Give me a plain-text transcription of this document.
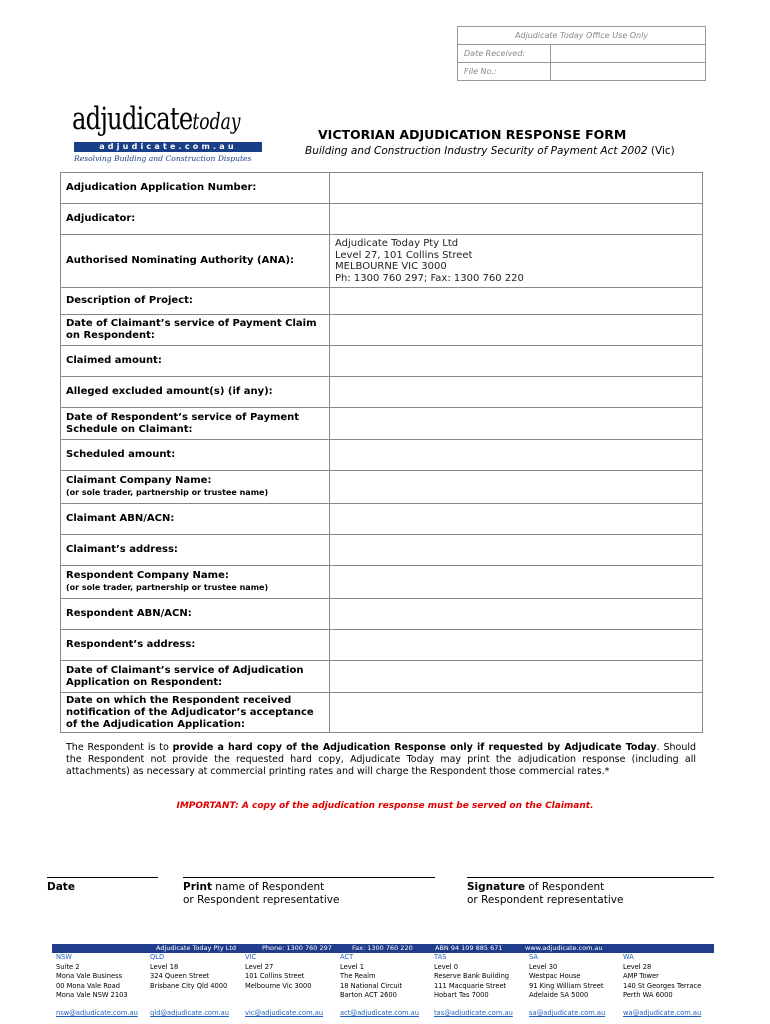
Adjudicate Today Office Use Only	
Date Received:	
File No.:	
adjudicatetoday
adjudicate.com.au
Resolving Building and Construction Disputes
VICTORIAN ADJUDICATION RESPONSE FORM
Building and Construction Industry Security of Payment Act 2002 (Vic)
Adjudication Application Number:	
Adjudicator:	
Authorised Nominating Authority (ANA):	Adjudicate Today Pty Ltd
Level 27, 101 Collins Street
MELBOURNE VIC 3000
Ph: 1300 760 297; Fax: 1300 760 220

Description of Project:	
Date of Claimant’s service of Payment Claim on Respondent:	
Claimed amount:	
Alleged excluded amount(s) (if any):	
Date of Respondent’s service of Payment Schedule on Claimant:	
Scheduled amount:	

Claimant Company Name:
(or sole trader, partnership or trustee name)	

Claimant ABN/ACN:	
Claimant’s address:	

Respondent Company Name:
(or sole trader, partnership or trustee name)	

Respondent ABN/ACN:	
Respondent’s address:	
Date of Claimant’s service of Adjudication Application on Respondent:	
Date on which the Respondent received notification of the Adjudicator’s acceptance of the Adjudication Application:	
The Respondent is to provide a hard copy of the Adjudication Response only if requested by Adjudicate Today. Should the Respondent not provide the requested hard copy, Adjudicate Today may print the adjudication response (including all attachments) as necessary at commercial printing rates and will charge the Respondent those commercial rates.*
IMPORTANT: A copy of the adjudication response must be served on the Claimant.
Date	Print name of Respondent
or Respondent representative
Signature of Respondent
or Respondent representative
Adjudicate Today Pty Ltd	Phone: 1300 760 297	Fax: 1300 760 220	ABN 94 109 885 671	www.adjudicate.com.au
NSW
Suite 2
Mona Vale Business
00 Mona Vale Road
Mona Vale NSW 2103
nsw@adjudicate.com.au
QLD
Level 18
324 Queen Street
Brisbane City Qld 4000
qld@adjudicate.com.au
VIC
Level 27
101 Collins Street
Melbourne Vic 3000
vic@adjudicate.com.au
ACT
Level 1
The Realm
18 National Circuit
Barton ACT 2600
act@adjudicate.com.au
TAS
Level 0
Reserve Bank Building
111 Macquarie Street
Hobart Tas 7000
tas@adjudicate.com.au
SA
Level 30
Westpac House
91 King William Street
Adelaide SA 5000
sa@adjudicate.com.au
WA
Level 28
AMP Tower
140 St Georges Terrace
Perth WA 6000
wa@adjudicate.com.au
